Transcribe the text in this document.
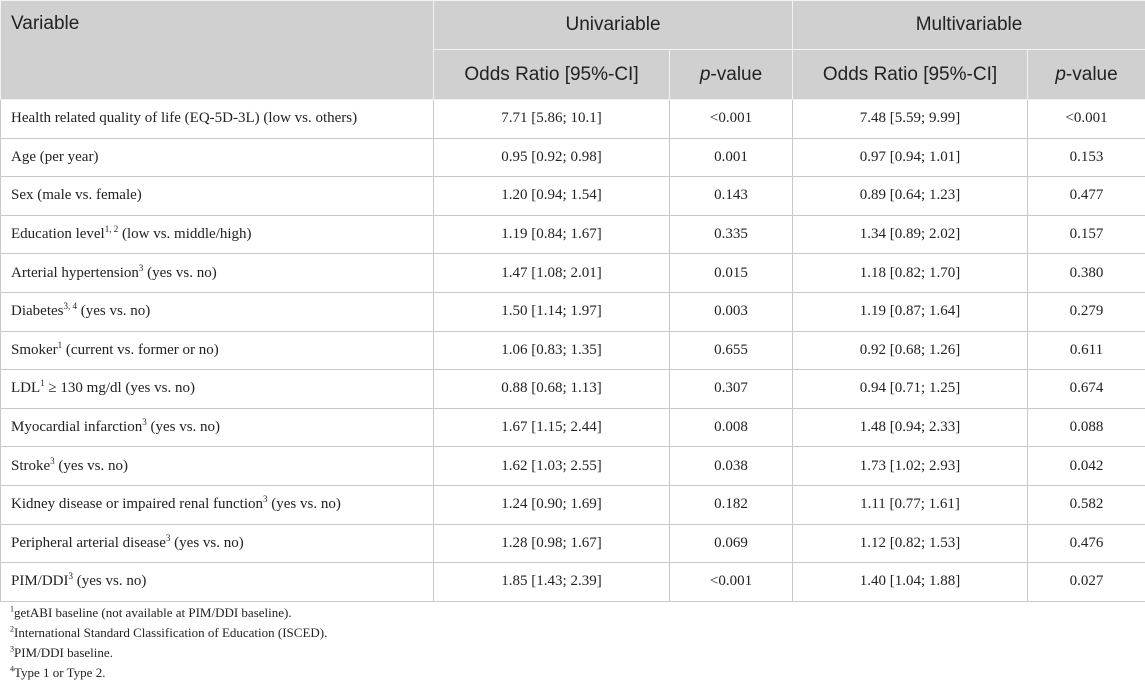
Variable	Univariable		Multivariable	
	Odds Ratio [95%-CI]	p-value	Odds Ratio [95%-CI]	p-value
Health related quality of life (EQ-5D-3L) (low vs. others)	7.71 [5.86; 10.1]	<0.001	7.48 [5.59; 9.99]	<0.001
Age (per year)	0.95 [0.92; 0.98]	0.001	0.97 [0.94; 1.01]	0.153
Sex (male vs. female)	1.20 [0.94; 1.54]	0.143	0.89 [0.64; 1.23]	0.477
Education level$^{1, 2}$ (low vs. middle/high)	1.19 [0.84; 1.67]	0.335	1.34 [0.89; 2.02]	0.157
Arterial hypertension$^3$ (yes vs. no)	1.47 [1.08; 2.01]	0.015	1.18 [0.82; 1.70]	0.380
Diabetes$^{3, 4}$ (yes vs. no)	1.50 [1.14; 1.97]	0.003	1.19 [0.87; 1.64]	0.279
Smoker$^1$ (current vs. former or no)	1.06 [0.83; 1.35]	0.655	0.92 [0.68; 1.26]	0.611
$LDL^1 \ge 130$ mg/dl (yes vs. no)	0.88 [0.68; 1.13]	0.307	0.94 [0.71; 1.25]	0.674
Myocardial infarction$^3$ (yes vs. no)	1.67 [1.15; 2.44]	0.008	1.48 [0.94; 2.33]	0.088
Stroke$^3$ (yes vs. no)	1.62 [1.03; 2.55]	0.038	1.73 [1.02; 2.93]	0.042
Kidney disease or impaired renal function$^3$ (yes vs. no)	1.24 [0.90; 1.69]	0.182	1.11 [0.77; 1.61]	0.582
Peripheral arterial disease$^3$ (yes vs. no)	1.28 [0.98; 1.67]	0.069	1.12 [0.82; 1.53]	0.476
PIM/DDI$^3$ (yes vs. no)	1.85 [1.43; 2.39]	<0.001	1.40 [1.04; 1.88]	0.027
$^1$getABI baseline (not available at PIM/DDI baseline).
$^2$International Standard Classification of Education (ISCED).
$^3$PIM/DDI baseline.
$^4$Type 1 or Type 2.
